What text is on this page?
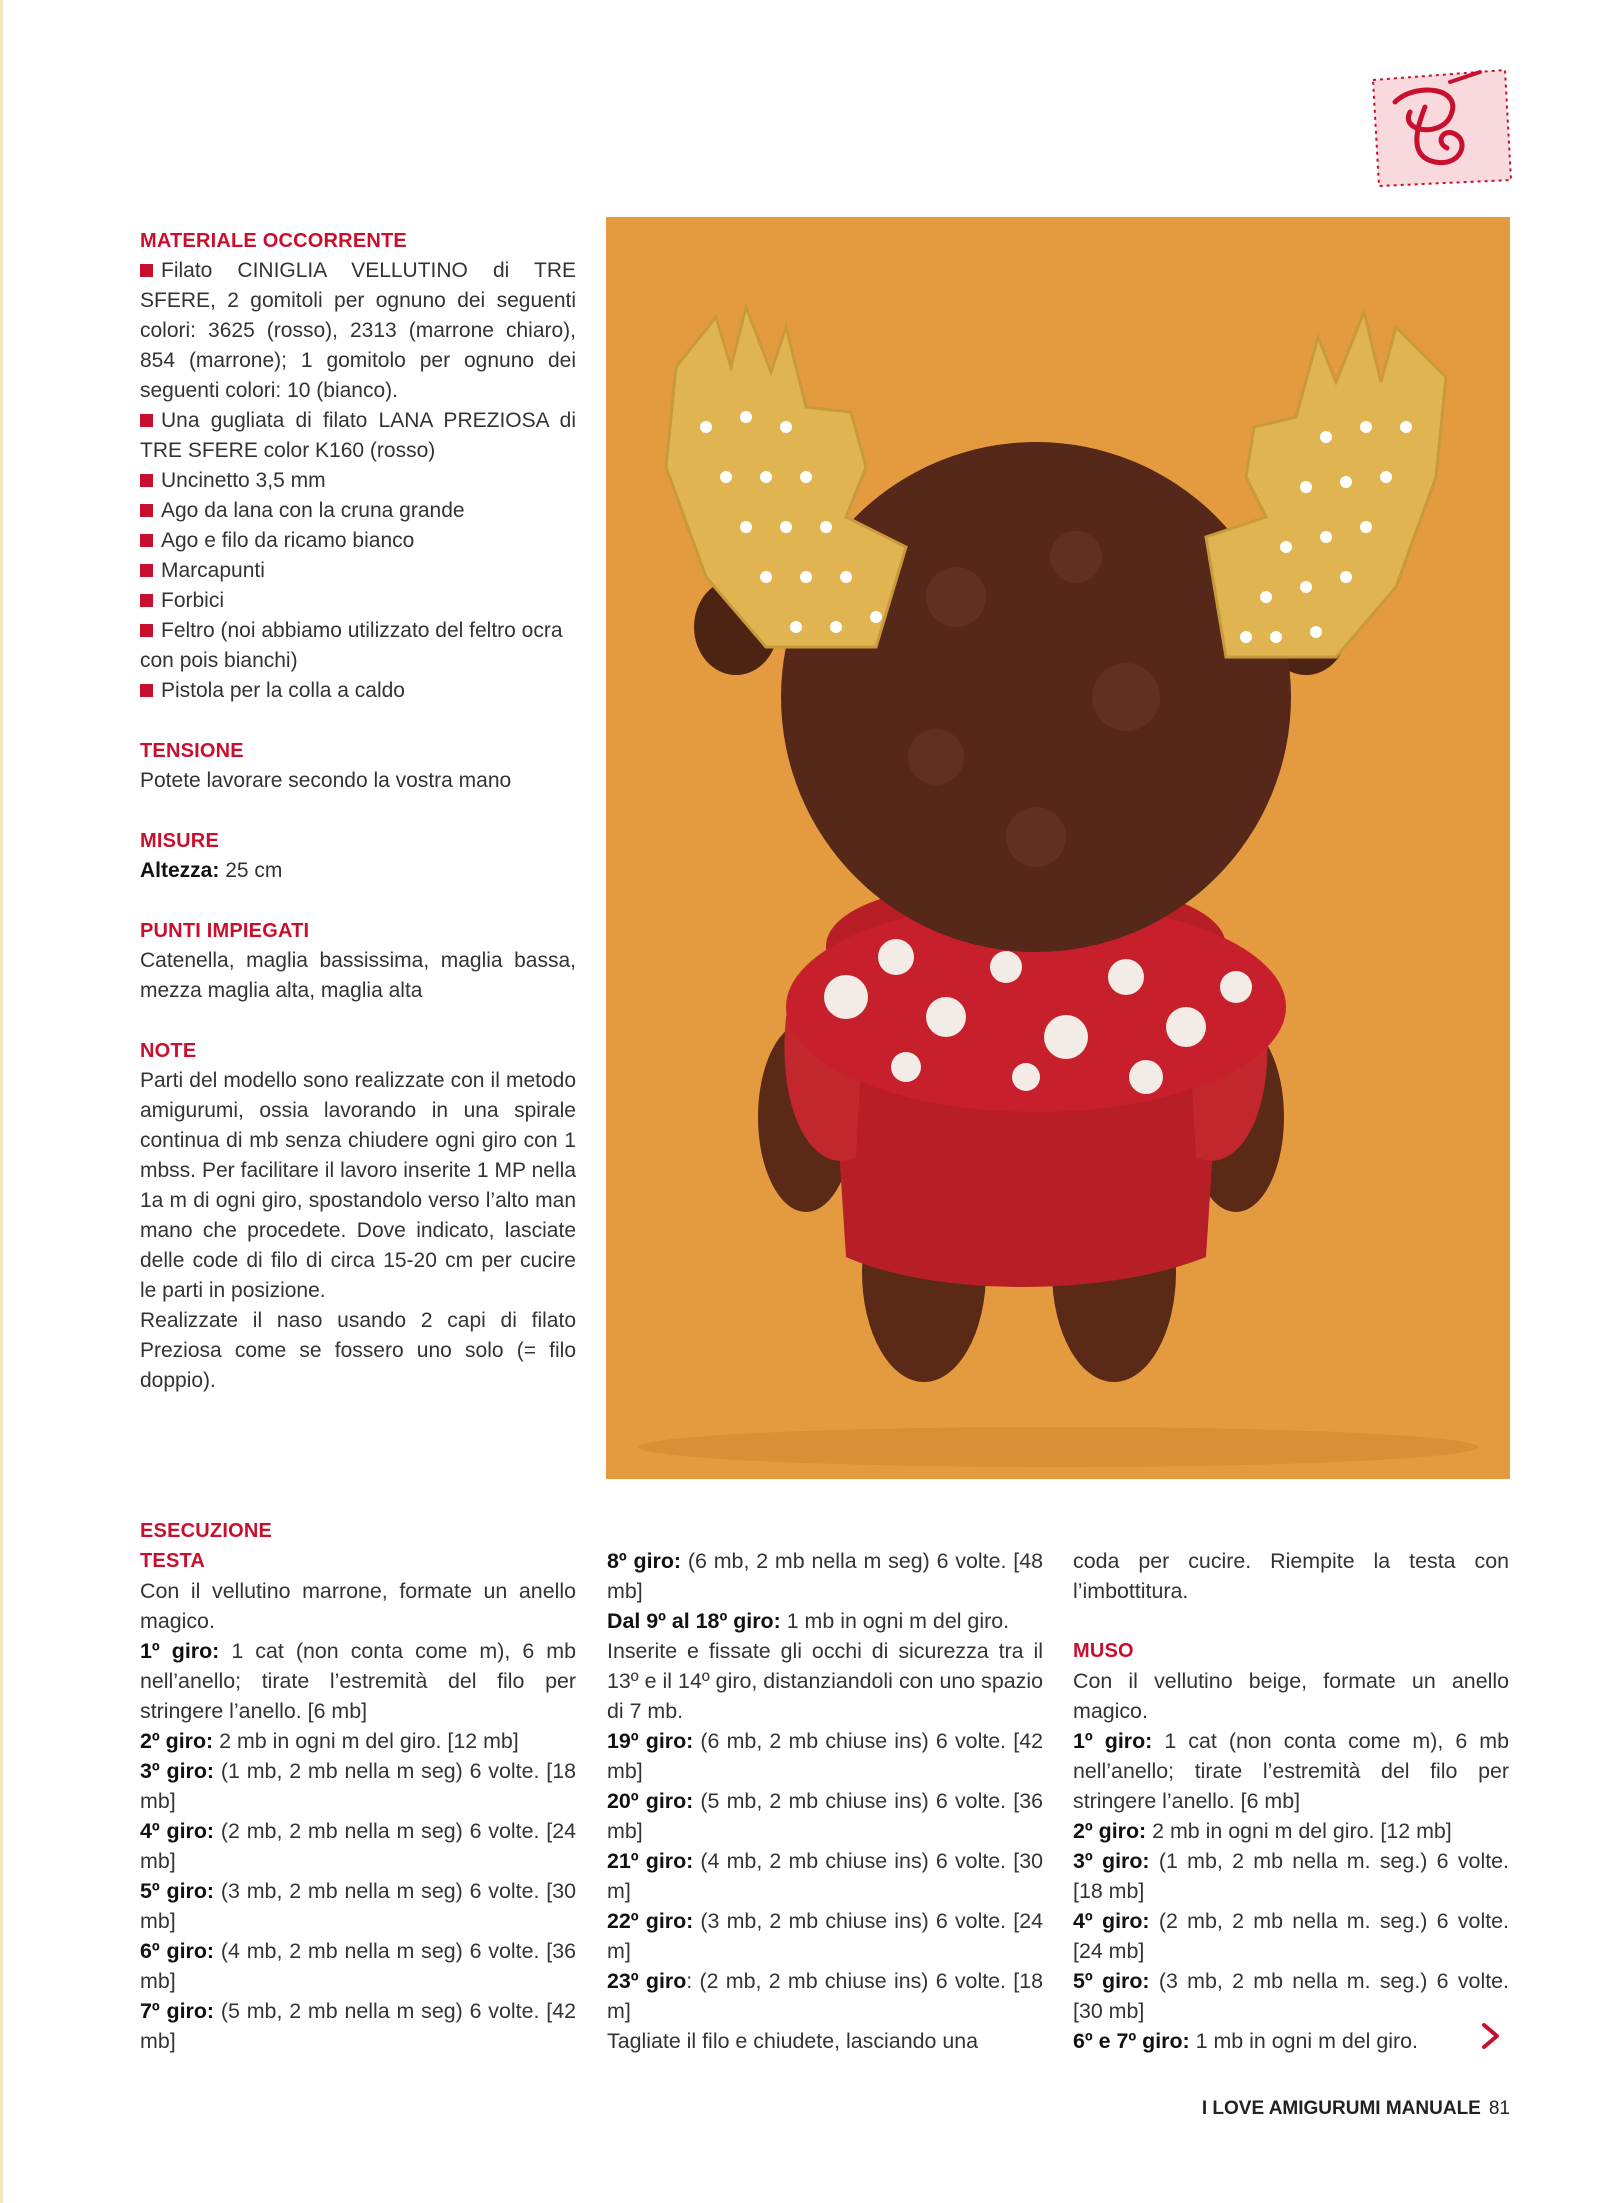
MATERIALE OCCORRENTE

Filato CINIGLIA VELLUTINO di TRE SFERE, 2 gomitoli per ognuno dei seguenti colori: 3625 (rosso), 2313 (marrone chiaro), 854 (marrone); 1 gomitolo per ognuno dei seguenti colori: 10 (bianco).

Una gugliata di filato LANA PREZIOSA di TRE SFERE color K160 (rosso)

Uncinetto 3,5 mm

Ago da lana con la cruna grande

Ago e filo da ricamo bianco

Marcapunti

Forbici

Feltro (noi abbiamo utilizzato del feltro ocra con pois bianchi)

Pistola per la colla a caldo

TENSIONE

Potete lavorare secondo la vostra mano

MISURE

Altezza: 25 cm

PUNTI IMPIEGATI

Catenella, maglia bassissima, maglia bassa, mezza maglia alta, maglia alta

NOTE

Parti del modello sono realizzate con il metodo amigurumi, ossia lavorando in una spirale continua di mb senza chiudere ogni giro con 1 mbss. Per facilitare il lavoro inserite 1 MP nella 1a m di ogni giro, spostandolo verso l’alto man mano che procedete. Dove indicato, lasciate delle code di filo di circa 15-20 cm per cucire le parti in posizione.

Realizzate il naso usando 2 capi di filato Preziosa come se fossero uno solo (= filo doppio).

ESECUZIONE

TESTA

Con il vellutino marrone, formate un anello magico.

1º giro: 1 cat (non conta come m), 6 mb nell’anello; tirate l’estremità del filo per stringere l’anello. [6 mb]

2º giro: 2 mb in ogni m del giro. [12 mb]

3º giro: (1 mb, 2 mb nella m seg) 6 volte. [18 mb]

4º giro: (2 mb, 2 mb nella m seg) 6 volte. [24 mb]

5º giro: (3 mb, 2 mb nella m seg) 6 volte. [30 mb]

6º giro: (4 mb, 2 mb nella m seg) 6 volte. [36 mb]

7º giro: (5 mb, 2 mb nella m seg) 6 volte. [42 mb]

8º giro: (6 mb, 2 mb nella m seg) 6 volte. [48 mb]

Dal 9º al 18º giro: 1 mb in ogni m del giro.

Inserite e fissate gli occhi di sicurezza tra il 13º e il 14º giro, distanziandoli con uno spazio di 7 mb.

19º giro: (6 mb, 2 mb chiuse ins) 6 volte. [42 mb]

20º giro: (5 mb, 2 mb chiuse ins) 6 volte. [36 mb]

21º giro: (4 mb, 2 mb chiuse ins) 6 volte. [30 m]

22º giro: (3 mb, 2 mb chiuse ins) 6 volte. [24 m]

23º giro: (2 mb, 2 mb chiuse ins) 6 volte. [18 m]

Tagliate il filo e chiudete, lasciando una

coda per cucire. Riempite la testa con l’imbottitura.

MUSO

Con il vellutino beige, formate un anello magico.

1º giro: 1 cat (non conta come m), 6 mb nell’anello; tirate l’estremità del filo per stringere l’anello. [6 mb]

2º giro: 2 mb in ogni m del giro. [12 mb]

3º giro: (1 mb, 2 mb nella m. seg.) 6 volte. [18 mb]

4º giro: (2 mb, 2 mb nella m. seg.) 6 volte. [24 mb]

5º giro: (3 mb, 2 mb nella m. seg.) 6 volte. [30 mb]

6º e 7º giro: 1 mb in ogni m del giro.

I LOVE AMIGURUMI MANUALE 81
